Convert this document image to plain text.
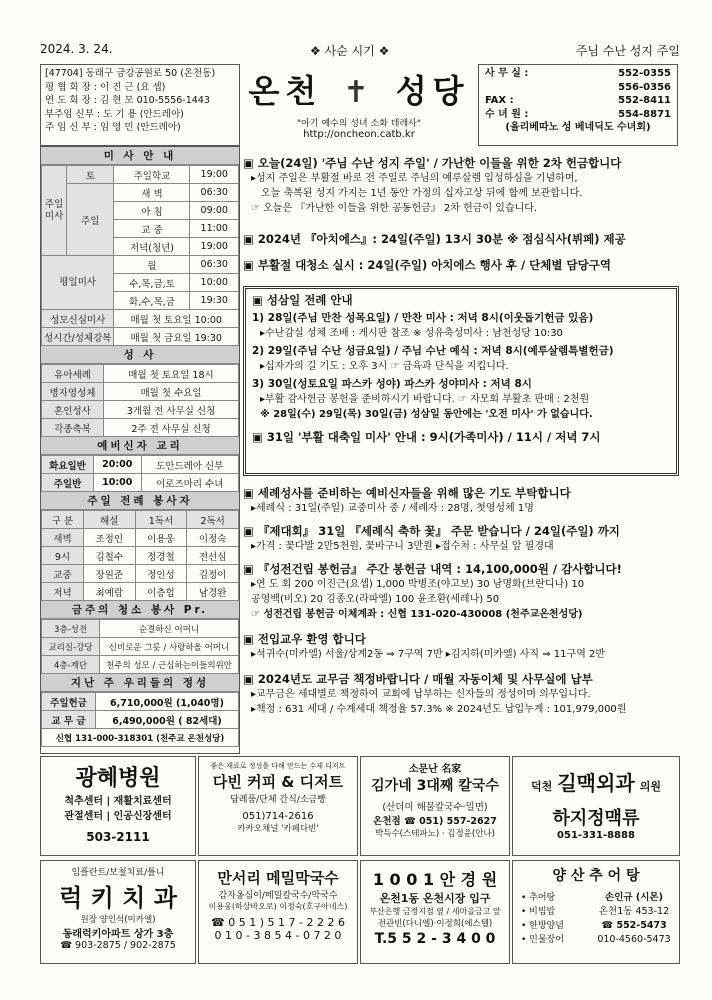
2024. 3. 24.	❖ 사순 시기 ❖	주님 수난 성지 주일
[47704] 동래구 금강공원로 50 (온천동)
평 협 회 장 : 이 진 근 (요 셉)
연 도 회 장 : 김 현 모 010-5556-1443
부주임 신부 : 도 기 용 (안드레아)
주 임 신 부 : 임 영 민 (안드레아)
온천 ✝ 성당
"아기 예수의 성녀 소화 데레사"
http://oncheon.catb.kr
사 무 실 :	552-0355
556-0356
FAX :	552-8411
수 녀 원 :	554-8871
(올리베따노 성 베네딕도 수녀회)
미 사 안 내
주일미사	토	주일학교	19:00
	주일	새 벽	06:30
		아 침	09:00
		교 중	11:00
		저녁(청년)	19:00
평일미사		월	06:30
		수,목,금,토	10:00
		화,수,목,금	19:30
성모신심미사		매월 첫 토요일 10:00	
성시간/성체강복		매월 첫 금요일 19:30	
성 사
유아세례	매월 첫 토요일 18시
병자영성체	매월 첫 수요일
혼인성사	3개월 전 사무실 신청
각종축복	2주 전 사무실 신청
예비신자 교리
화요일반	20:00	도안드레아 신부
주일반	10:00	이로즈마리 수녀
주일 전례 봉사자
구 분	해설	1독서	2독서
새벽	조정인	이용웅	이정숙
9시	김철수	정경철	전선심
교중	장원준	정인성	김정이
저녁	최예람	이층헙	남경완
금주의 청소 봉사 Pr.
3층-성전	순결하신 어머니
교리실-강당	신비로운 그릇 / 사랑하올 어머니
4층-계단	천주의 성모 / 근심하는이들의위안
지난 주 우리들의 정성
주일헌금	6,710,000원 (1,040명)
교 무 금	6,490,000원 ( 82세대)
신협 131-000-318301 (천주교 온천성당)	
▣ 오늘(24일) '주님 수난 성지 주일' / 가난한 이들을 위한 2차 헌금합니다
▸성지 주일은 부활절 바로 전 주일로 주님의 예루살렘 입성하심을 기념하며,
오늘 축복된 성지 가지는 1년 동안 가정의 십자고상 뒤에 함께 보관합니다.
☞ 오늘은 『가난한 이들을 위한 공동헌금』 2차 헌금이 있습니다.
▣ 2024년 『아치에스』: 24일(주일) 13시 30분 ※ 점심식사(뷔페) 제공
▣ 부활절 대청소 실시 : 24일(주일) 아치에스 행사 후 / 단체별 담당구역
▣ 성삼일 전례 안내
1) 28일(주님 만찬 성목요일) / 만찬 미사 : 저녁 8시(이웃돕기헌금 있음)
▸수난감실 성체 조배 : 게시판 참조 ※ 성유축성미사 : 남천성당 10:30
2) 29일(주님 수난 성금요일) / 주님 수난 예식 : 저녁 8시(예루살렘특별헌금)
▸십자가의 길 기도 : 오후 3시 ☞ 금육과 단식을 지킵니다.
3) 30일(성토요일 파스카 성야) 파스카 성야미사 : 저녁 8시
▸부활 감사헌금 봉헌을 준비하시기 바랍니다. ☞ 자모회 부활초 판매 : 2천원
※ 28일(수) 29일(목) 30일(금) 성삼일 동안에는 '오전 미사' 가 없습니다.
▣ 31일 '부활 대축일 미사' 안내 : 9시(가족미사) / 11시 / 저녁 7시
▣ 세례성사를 준비하는 예비신자들을 위해 많은 기도 부탁합니다
▸세례식 : 31일(주일) 교중미사 중 / 세례자 : 28명, 첫영성체 1명
▣ 『제대회』 31일 『세례식 축하 꽃』 주문 받습니다 / 24일(주일) 까지
▸가격 : 꽃다발 2만5천원, 꽃바구니 3만원 ▸접수처 : 사무실 앞 필경대
▣ 『성전건립 봉헌금』 주간 봉헌금 내역 : 14,100,000원 / 감사합니다!
▸연 도 회 200 이진근(요셉) 1,000 박병조(야고보) 30 남명화(브란디나) 10
공영백(비오) 20 김종오(라파엘) 100 윤조환(세레나) 50
☞ 성전건립 봉헌금 이체계좌 : 신협 131-020-430008 (천주교온천성당)
▣ 전입교우 환영 합니다
▸석귀수(미카엘) 서울/상계2동 ⇒ 7구역 7반 ▸김지하(미카엘) 사직 ⇒ 11구역 2반
▣ 2024년도 교무금 책정바랍니다 / 매월 자동이체 및 사무실에 납부
▸교무금은 세대별로 책정하여 교회에 납부하는 신자들의 정성이며 의무입니다.
▸책정 : 631 세대 / 수계세대 책정율 57.3% ※ 2024년도 납입누계 : 101,979,000원
광혜병원
척추센터 | 재활치료센터
관절센터 | 인공신장센터
503-2111
좋은 재료로 정성을 다해 만드는 수제 디저트
다빈 커피 & 디저트
답례품/단체 간식/소금빵
051)714-2616
카카오채널 '카페다빈'
소문난 名家
김가네 3대째 칼국수
(산더미 해물칼국수·밀면)
온천점 ☎ 051) 557-2627
박득수(스테파노) · 김정윤(안나)
덕천 길맥외과 의원
하지정맥류
051-331-8888
임플란트/보철치료/틀니
럭 키 치 과
원장 양인석(미카엘)
동래럭키아파트 상가 3층
☎ 903-2875 / 902-2875
만서리 메밀막국수
감자옹심이/메밀칼국수/막국수
이용웅(하상바오로) 이정숙(호구아네스)
☎ 0 5 1 ) 5 1 7 - 2 2 2 6
0 1 0 - 3 8 5 4 - 0 7 2 0
1 0 0 1 안 경 원
온천1동 온천시장 입구
부산은행 금정지점 옆 / 새마을금고 앞
전관빈(다니엘)·이정희(에스텔)
T.5 5 2 - 3 4 0 0
양 산 추 어 탕
• 추어탕
• 비빔밥
• 한방양념
• 민물장어
손인규 (시몬)
온천1동 453-12
☎ 552-5473
010-4560-5473
